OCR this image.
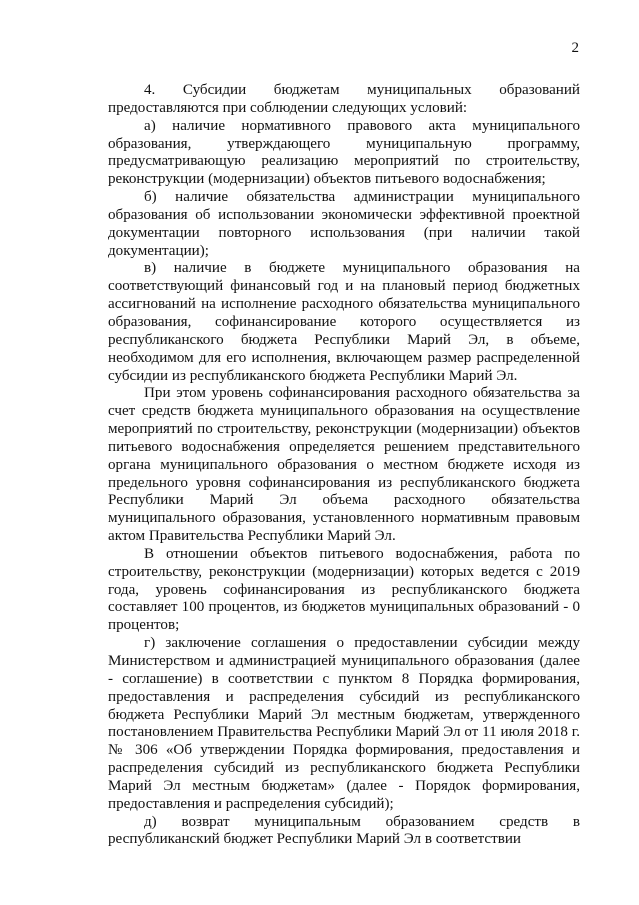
2

4. Субсидии бюджетам муниципальных образований предоставляются при соблюдении следующих условий:

а) наличие нормативного правового акта муниципального образования, утверждающего муниципальную программу, предусматривающую реализацию мероприятий по строительству, реконструкции (модернизации) объектов питьевого водоснабжения;

б) наличие обязательства администрации муниципального образования об использовании экономически эффективной проектной документации повторного использования (при наличии такой документации);

в) наличие в бюджете муниципального образования на соответствующий финансовый год и на плановый период бюджетных ассигнований на исполнение расходного обязательства муниципального образования, софинансирование которого осуществляется из республиканского бюджета Республики Марий Эл, в объеме, необходимом для его исполнения, включающем размер распределенной субсидии из республиканского бюджета Республики Марий Эл.

При этом уровень софинансирования расходного обязательства за счет средств бюджета муниципального образования на осуществление мероприятий по строительству, реконструкции (модернизации) объектов питьевого водоснабжения определяется решением представительного органа муниципального образования о местном бюджете исходя из предельного уровня софинансирования из республиканского бюджета Республики Марий Эл объема расходного обязательства муниципального образования, установленного нормативным правовым актом Правительства Республики Марий Эл.

В отношении объектов питьевого водоснабжения, работа по строительству, реконструкции (модернизации) которых ведется с 2019 года, уровень софинансирования из республиканского бюджета составляет 100 процентов, из бюджетов муниципальных образований - 0 процентов;

г) заключение соглашения о предоставлении субсидии между Министерством и администрацией муниципального образования (далее - соглашение) в соответствии с пунктом 8 Порядка формирования, предоставления и распределения субсидий из республиканского бюджета Республики Марий Эл местным бюджетам, утвержденного постановлением Правительства Республики Марий Эл от 11 июля 2018 г. № 306 «Об утверждении Порядка формирования, предоставления и распределения субсидий из республиканского бюджета Республики Марий Эл местным бюджетам» (далее - Порядок формирования, предоставления и распределения субсидий);

д) возврат муниципальным образованием средств в республиканский бюджет Республики Марий Эл в соответствии
